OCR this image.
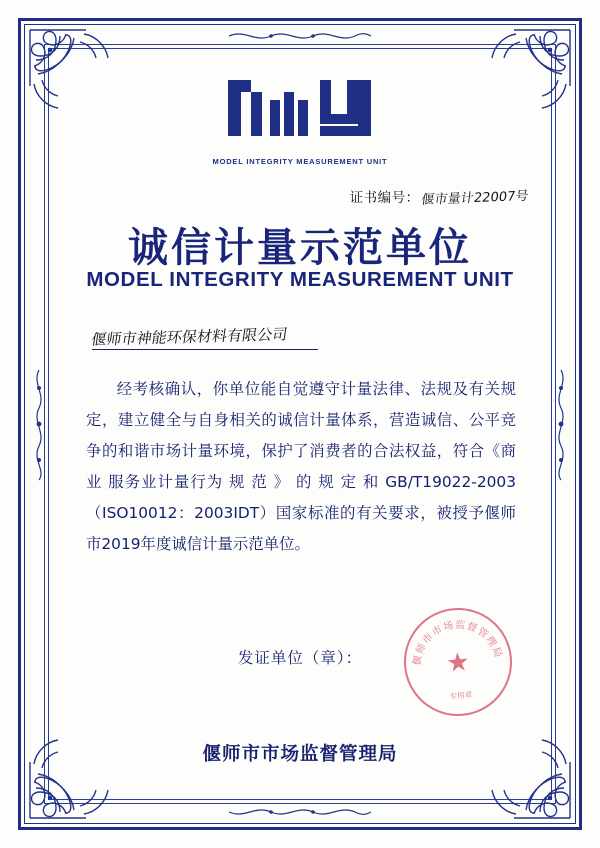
MODEL INTEGRITY MEASUREMENT UNIT
证书编号： 偃市量计22007号
诚信计量示范单位
MODEL INTEGRITY MEASUREMENT UNIT
偃师市神能环保材料有限公司

经考核确认，你单位能自觉遵守计量法律、法规及有关规定，建立健全与自身相关的诚信计量体系，营造诚信、公平竞争的和谐市场计量环境，保护了消费者的合法权益，符合《商业 服务业计量行为 规 范 》 的 规 定 和 GB/T19022-2003（ISO10012：2003IDT）国家标准的有关要求，被授予偃师市2019年度诚信计量示范单位。

发证单位（章）：	偃师市市场监督管理局
★
专用章
偃师市市场监督管理局
